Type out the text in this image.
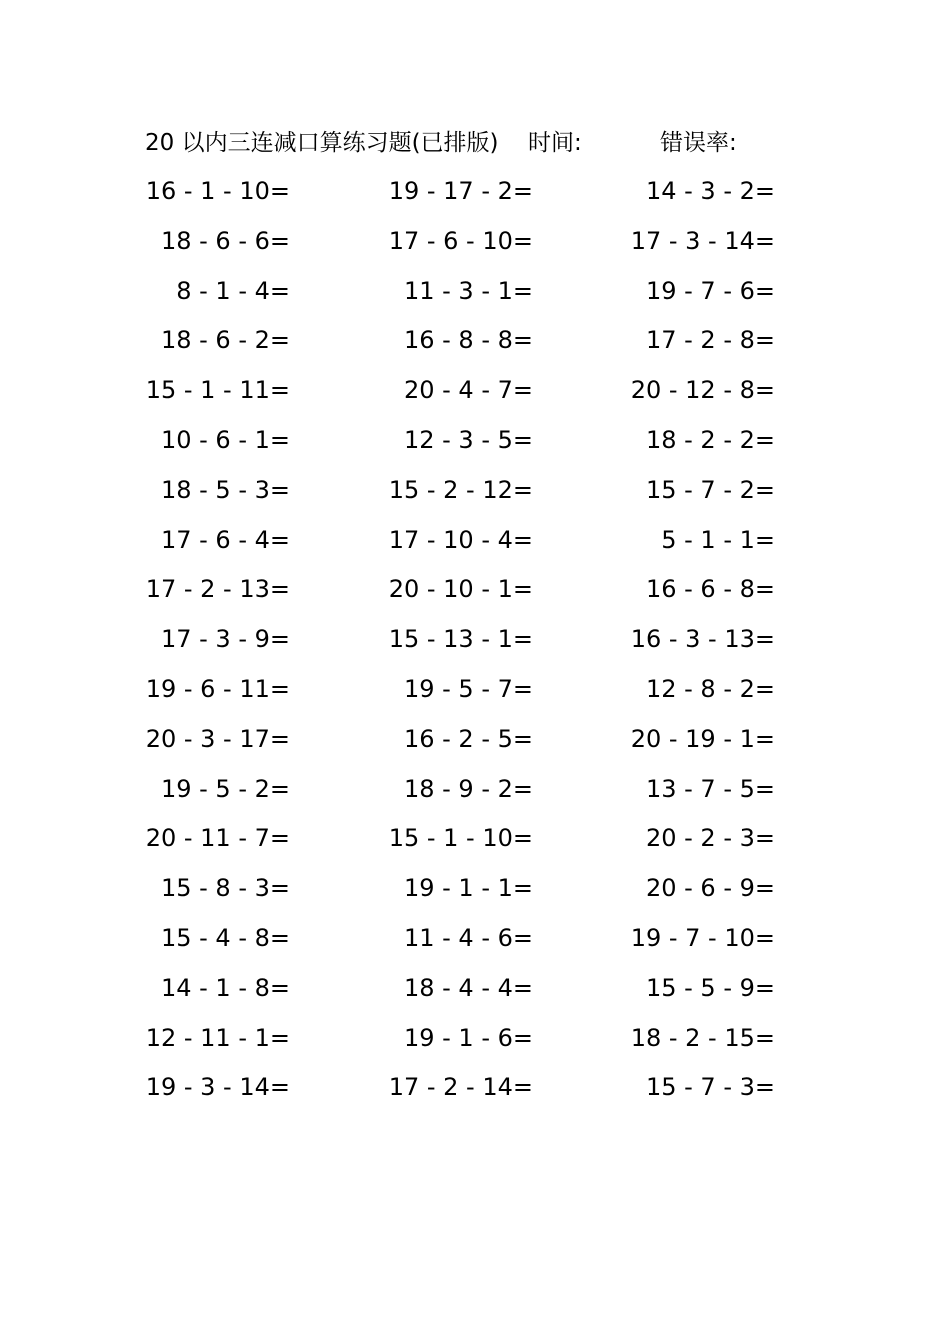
20 以内三连减口算练习题(已排版) 时间:	错误率:
16 - 1 - 10=	19 - 17 - 2=	14 - 3 - 2=
18 - 6 - 6=	17 - 6 - 10=	17 - 3 - 14=
8 - 1 - 4=	11 - 3 - 1=	19 - 7 - 6=
18 - 6 - 2=	16 - 8 - 8=	17 - 2 - 8=
15 - 1 - 11=	20 - 4 - 7=	20 - 12 - 8=
10 - 6 - 1=	12 - 3 - 5=	18 - 2 - 2=
18 - 5 - 3=	15 - 2 - 12=	15 - 7 - 2=
17 - 6 - 4=	17 - 10 - 4=	5 - 1 - 1=
17 - 2 - 13=	20 - 10 - 1=	16 - 6 - 8=
17 - 3 - 9=	15 - 13 - 1=	16 - 3 - 13=
19 - 6 - 11=	19 - 5 - 7=	12 - 8 - 2=
20 - 3 - 17=	16 - 2 - 5=	20 - 19 - 1=
19 - 5 - 2=	18 - 9 - 2=	13 - 7 - 5=
20 - 11 - 7=	15 - 1 - 10=	20 - 2 - 3=
15 - 8 - 3=	19 - 1 - 1=	20 - 6 - 9=
15 - 4 - 8=	11 - 4 - 6=	19 - 7 - 10=
14 - 1 - 8=	18 - 4 - 4=	15 - 5 - 9=
12 - 11 - 1=	19 - 1 - 6=	18 - 2 - 15=
19 - 3 - 14=	17 - 2 - 14=	15 - 7 - 3=
